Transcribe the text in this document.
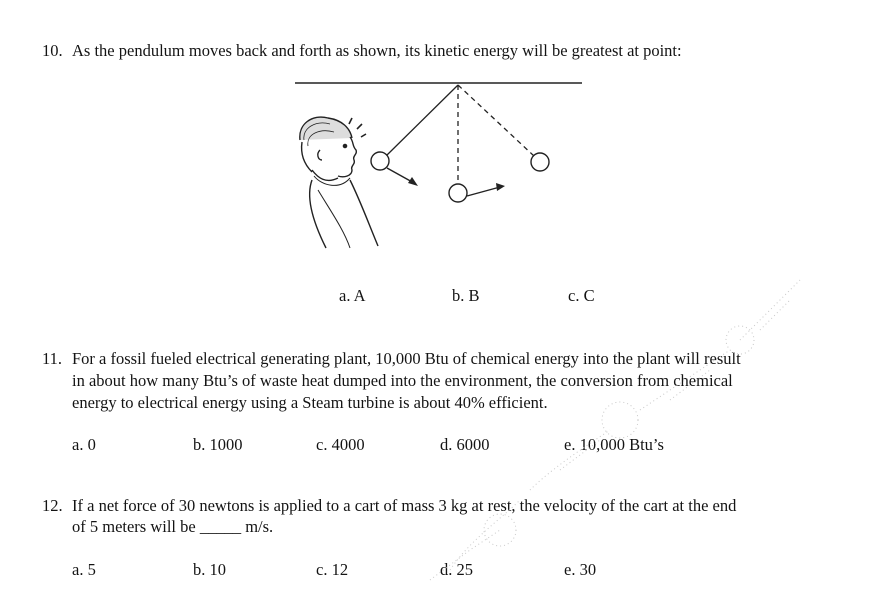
10. As the pendulum moves back and forth as shown, its kinetic energy will be greatest at point:
a. A	b. B	c. C
11. For a fossil fueled electrical generating plant, 10,000 Btu of chemical energy into the plant will result
in about how many Btu’s of waste heat dumped into the environment, the conversion from chemical
energy to electrical energy using a Steam turbine is about 40% efficient.
a. 0	b. 1000	c. 4000	d. 6000	e. 10,000 Btu’s
12. If a net force of 30 newtons is applied to a cart of mass 3 kg at rest, the velocity of the cart at the end
of 5 meters will be _____ m/s.
a. 5	b. 10	c. 12	d. 25	e. 30
